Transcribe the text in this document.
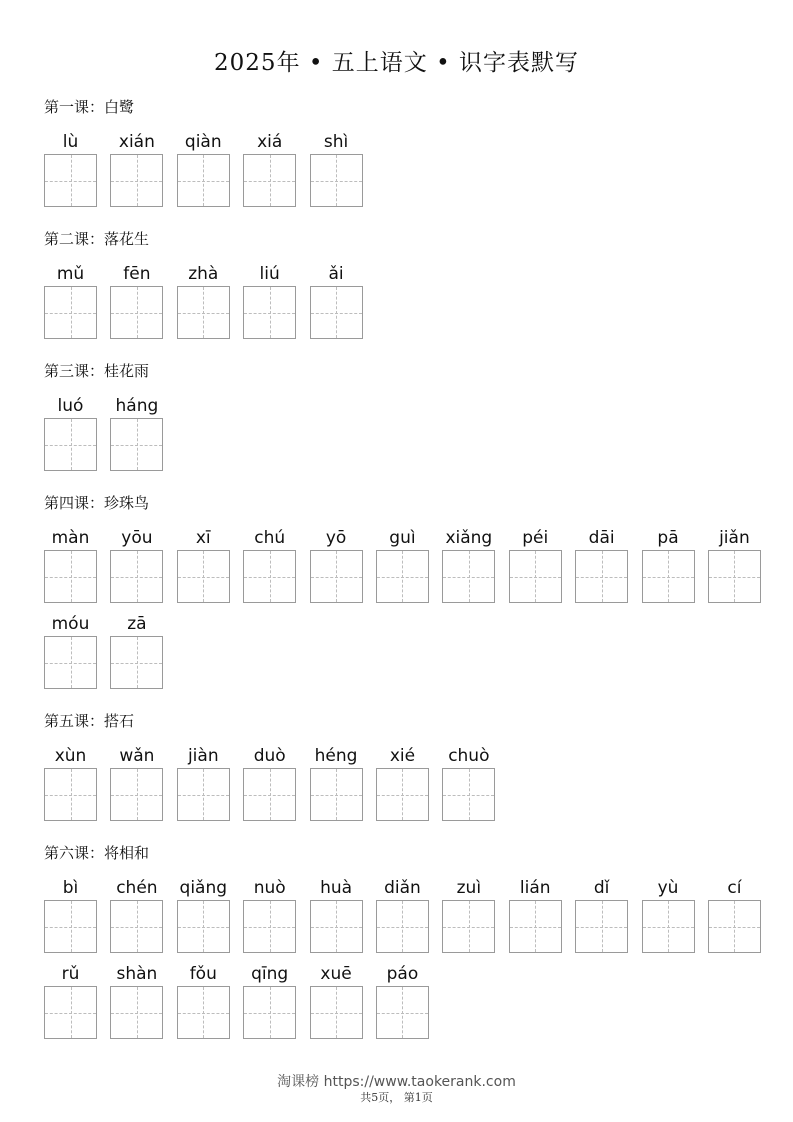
2025年 • 五上语文 • 识字表默写
第一课：白鹭
lù	xián	qiàn	xiá	shì
第二课：落花生
mǔ	fēn	zhà	liú	ǎi
第三课：桂花雨
luó	háng
第四课：珍珠鸟
màn	yōu	xī	chú	yō	guì	xiǎng	péi	dāi	pā	jiǎn
móu	zā
第五课：搭石
xùn	wǎn	jiàn	duò	héng	xié	chuò
第六课：将相和
bì	chén	qiǎng	nuò	huà	diǎn	zuì	lián	dǐ	yù	cí
rǔ	shàn	fǒu	qīng	xuē	páo
淘课榜 https://www.taokerank.com
共5页， 第1页
